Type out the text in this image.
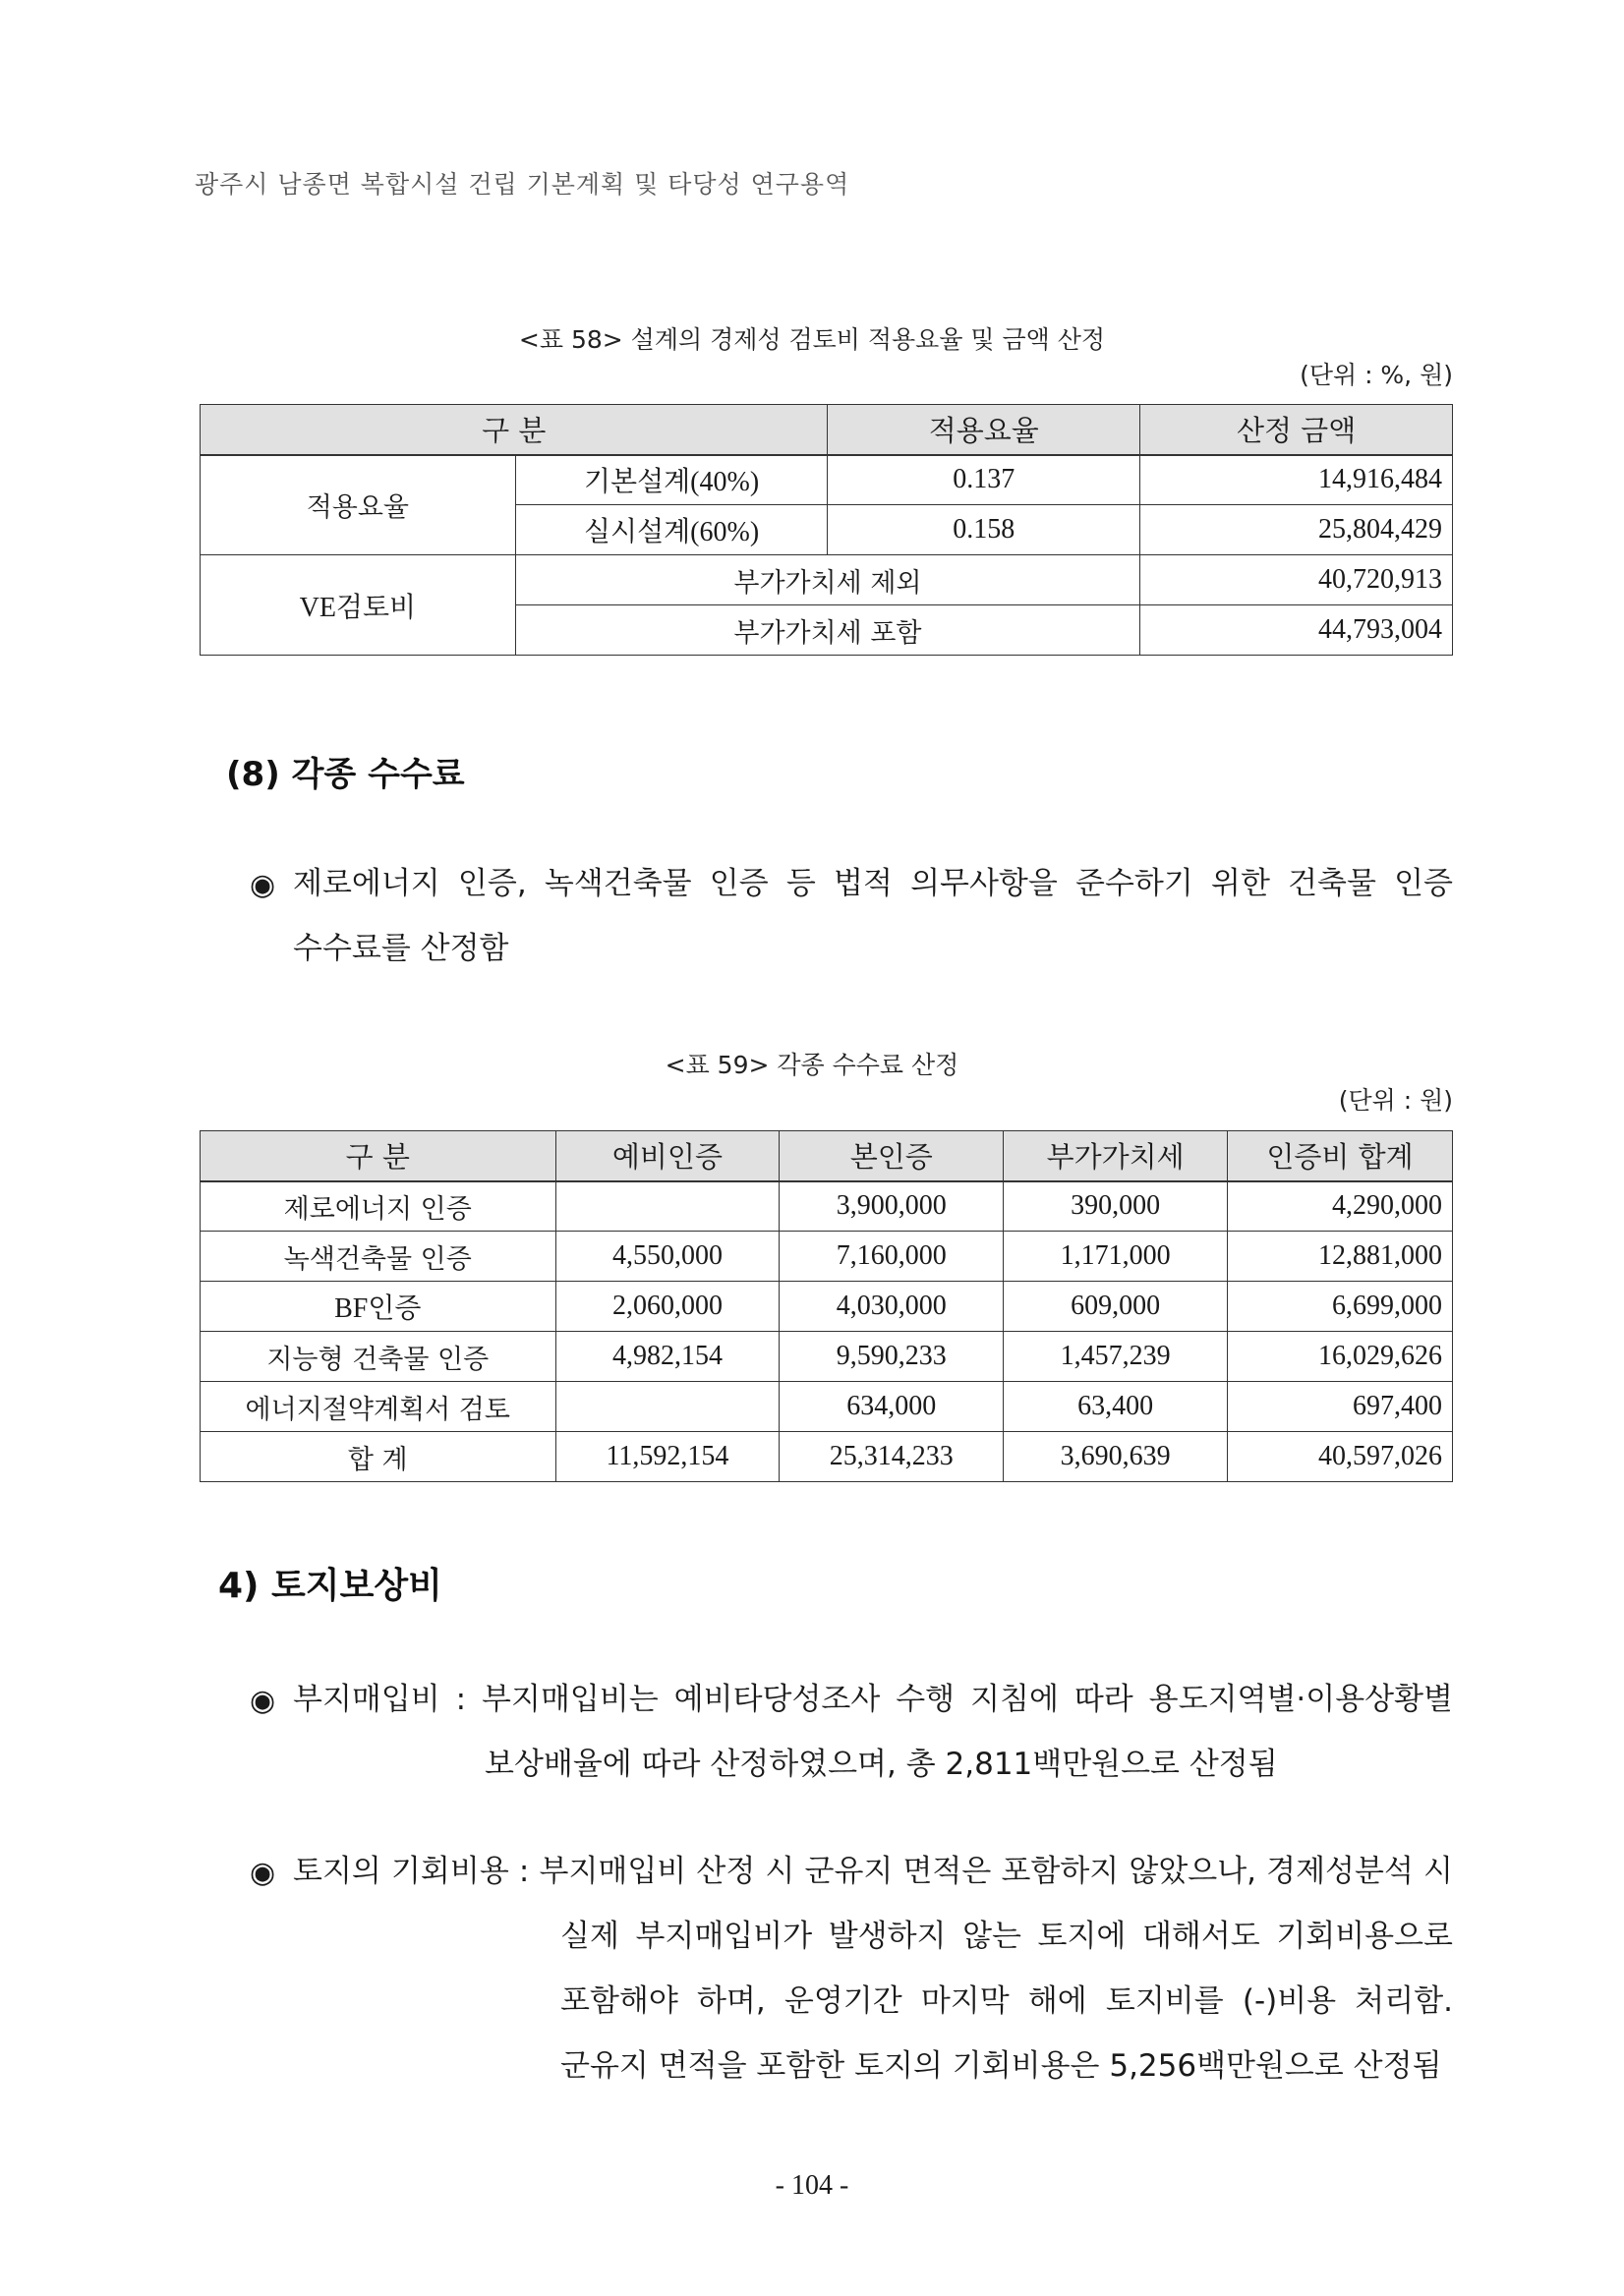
광주시 남종면 복합시설 건립 기본계획 및 타당성 연구용역
<표 58> 설계의 경제성 검토비 적용요율 및 금액 산정
(단위 : %, 원)
구 분		적용요율	산정 금액
적용요율	기본설계(40%)	0.137	14,916,484
	실시설계(60%)	0.158	25,804,429
VE검토비	부가가치세 제외		40,720,913
	부가가치세 포함		44,793,004
(8) 각종 수수료
◉ 제로에너지 인증, 녹색건축물 인증 등 법적 의무사항을 준수하기 위한 건축물 인증
수수료를 산정함
<표 59> 각종 수수료 산정
(단위 : 원)
구 분	예비인증	본인증	부가가치세	인증비 합계
제로에너지 인증		3,900,000	390,000	4,290,000
녹색건축물 인증	4,550,000	7,160,000	1,171,000	12,881,000
BF인증	2,060,000	4,030,000	609,000	6,699,000
지능형 건축물 인증	4,982,154	9,590,233	1,457,239	16,029,626
에너지절약계획서 검토		634,000	63,400	697,400
합 계	11,592,154	25,314,233	3,690,639	40,597,026
4) 토지보상비
◉ 부지매입비 : 부지매입비는 예비타당성조사 수행 지침에 따라 용도지역별·이용상황별
보상배율에 따라 산정하였으며, 총 2,811백만원으로 산정됨
◉ 토지의 기회비용 : 부지매입비 산정 시 군유지 면적은 포함하지 않았으나, 경제성분석 시
실제 부지매입비가 발생하지 않는 토지에 대해서도 기회비용으로
포함해야 하며, 운영기간 마지막 해에 토지비를 (-)비용 처리함.
군유지 면적을 포함한 토지의 기회비용은 5,256백만원으로 산정됨
- 104 -
